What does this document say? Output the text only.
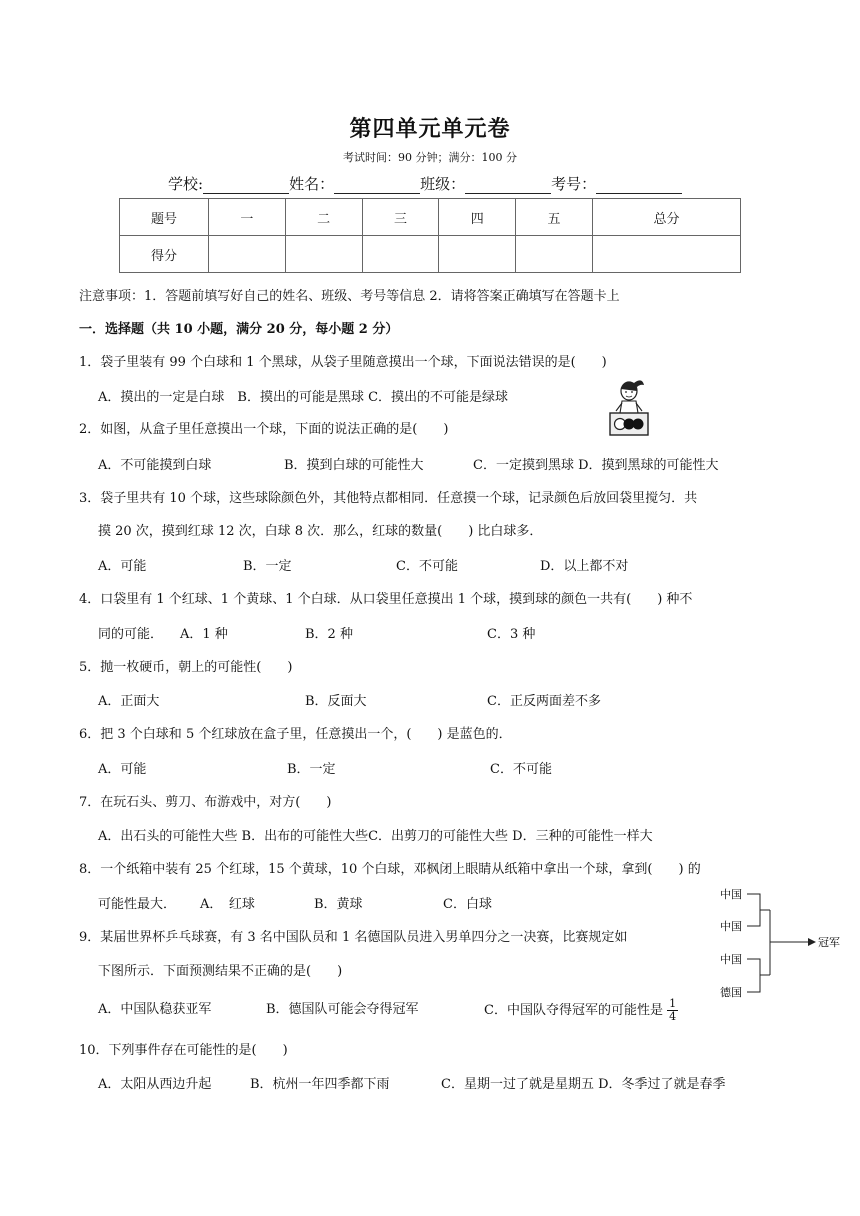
第四单元单元卷
考试时间：90 分钟；满分：100 分
学校:	姓名：	班级：	考号：
题号	一	二	三	四	五	总分
得分						
注意事项：1．答题前填写好自己的姓名、班级、考号等信息 2．请将答案正确填写在答题卡上
一．选择题（共 10 小题，满分 20 分，每小题 2 分）
1．袋子里装有 99 个白球和 1 个黑球，从袋子里随意摸出一个球，下面说法错误的是(　　)
A．摸出的一定是白球　B．摸出的可能是黑球 C．摸出的不可能是绿球
2．如图，从盒子里任意摸出一个球，下面的说法正确的是(　　)
A．不可能摸到白球	B．摸到白球的可能性大	C．一定摸到黑球 D．摸到黑球的可能性大
3．袋子里共有 10 个球，这些球除颜色外，其他特点都相同．任意摸一个球，记录颜色后放回袋里搅匀．共
摸 20 次，摸到红球 12 次，白球 8 次．那么，红球的数量(　　) 比白球多．
A．可能	B．一定	C．不可能	D．以上都不对
4．口袋里有 1 个红球、1 个黄球、1 个白球．从口袋里任意摸出 1 个球，摸到球的颜色一共有(　　) 种不
同的可能． A．1 种	B．2 种	C．3 种
5．抛一枚硬币，朝上的可能性(　　)
A．正面大	B．反面大	C．正反两面差不多
6．把 3 个白球和 5 个红球放在盒子里，任意摸出一个，(　　) 是蓝色的．
A．可能	B．一定	C．不可能
7．在玩石头、剪刀、布游戏中，对方(　　)
A．出石头的可能性大些 B．出布的可能性大些C．出剪刀的可能性大些 D．三种的可能性一样大
8．一个纸箱中装有 25 个红球，15 个黄球，10 个白球，邓枫闭上眼睛从纸箱中拿出一个球，拿到(　　) 的
可能性最大． A．　红球	B．黄球	C．白球
中国
中国
中国
德国
冠军
9．某届世界杯乒乓球赛，有 3 名中国队员和 1 名德国队员进入男单四分之一决赛，比赛规定如
下图所示．下面预测结果不正确的是(　　)
A．中国队稳获亚军	B．德国队可能会夺得冠军	C．中国队夺得冠军的可能性是 $\frac{1}{4}$
10．下列事件存在可能性的是(　　)
A．太阳从西边升起	B．杭州一年四季都下雨	C．星期一过了就是星期五 D．冬季过了就是春季
